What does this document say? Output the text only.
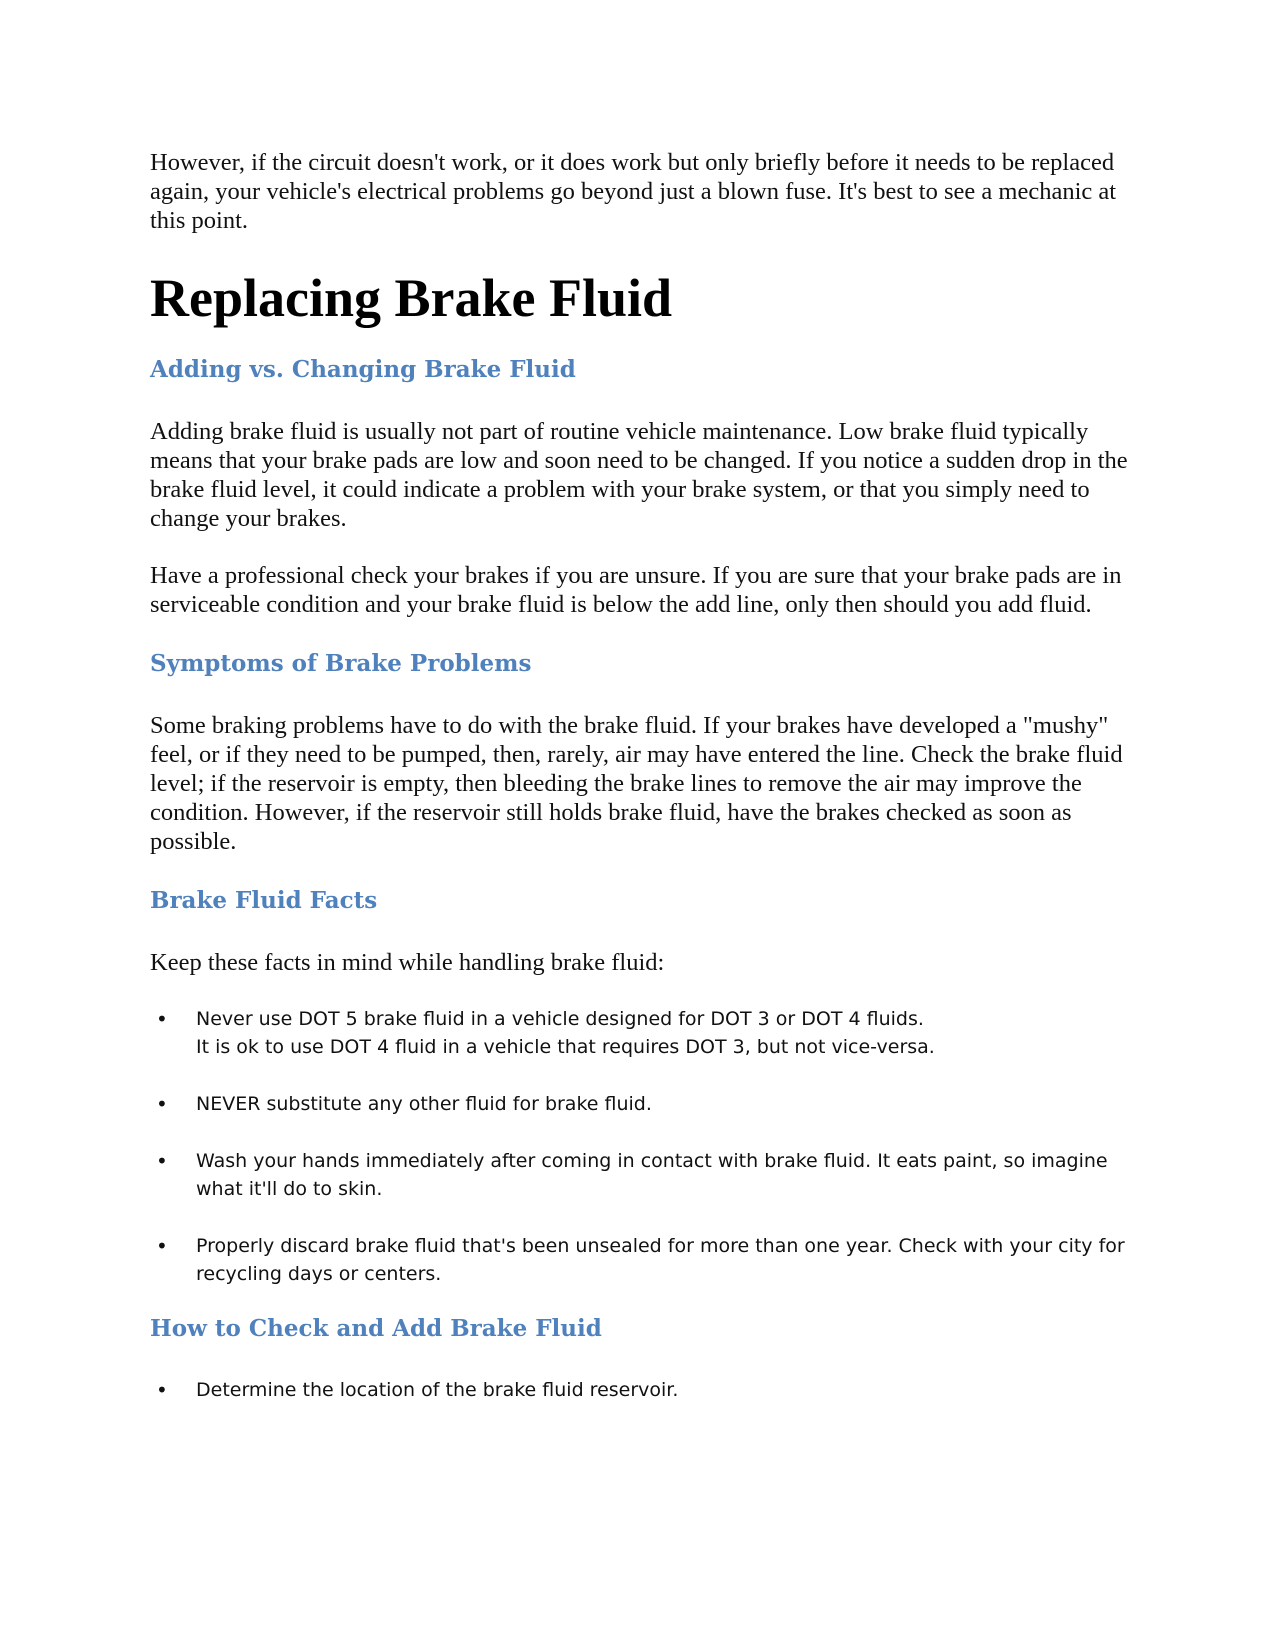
However, if the circuit doesn't work, or it does work but only briefly before it needs to be replaced again, your vehicle's electrical problems go beyond just a blown fuse. It's best to see a mechanic at this point.

Replacing Brake Fluid
Adding vs. Changing Brake Fluid

Adding brake fluid is usually not part of routine vehicle maintenance. Low brake fluid typically means that your brake pads are low and soon need to be changed. If you notice a sudden drop in the brake fluid level, it could indicate a problem with your brake system, or that you simply need to change your brakes.

Have a professional check your brakes if you are unsure. If you are sure that your brake pads are in serviceable condition and your brake fluid is below the add line, only then should you add fluid.

Symptoms of Brake Problems

Some braking problems have to do with the brake fluid. If your brakes have developed a "mushy" feel, or if they need to be pumped, then, rarely, air may have entered the line. Check the brake fluid level; if the reservoir is empty, then bleeding the brake lines to remove the air may improve the condition. However, if the reservoir still holds brake fluid, have the brakes checked as soon as possible.

Brake Fluid Facts

Keep these facts in mind while handling brake fluid:

• Never use DOT 5 brake fluid in a vehicle designed for DOT 3 or DOT 4 fluids.
It is ok to use DOT 4 fluid in a vehicle that requires DOT 3, but not vice-versa.
• NEVER substitute any other fluid for brake fluid.
• Wash your hands immediately after coming in contact with brake fluid. It eats paint, so imagine what it'll do to skin.
• Properly discard brake fluid that's been unsealed for more than one year. Check with your city for recycling days or centers.
How to Check and Add Brake Fluid
• Determine the location of the brake fluid reservoir.
